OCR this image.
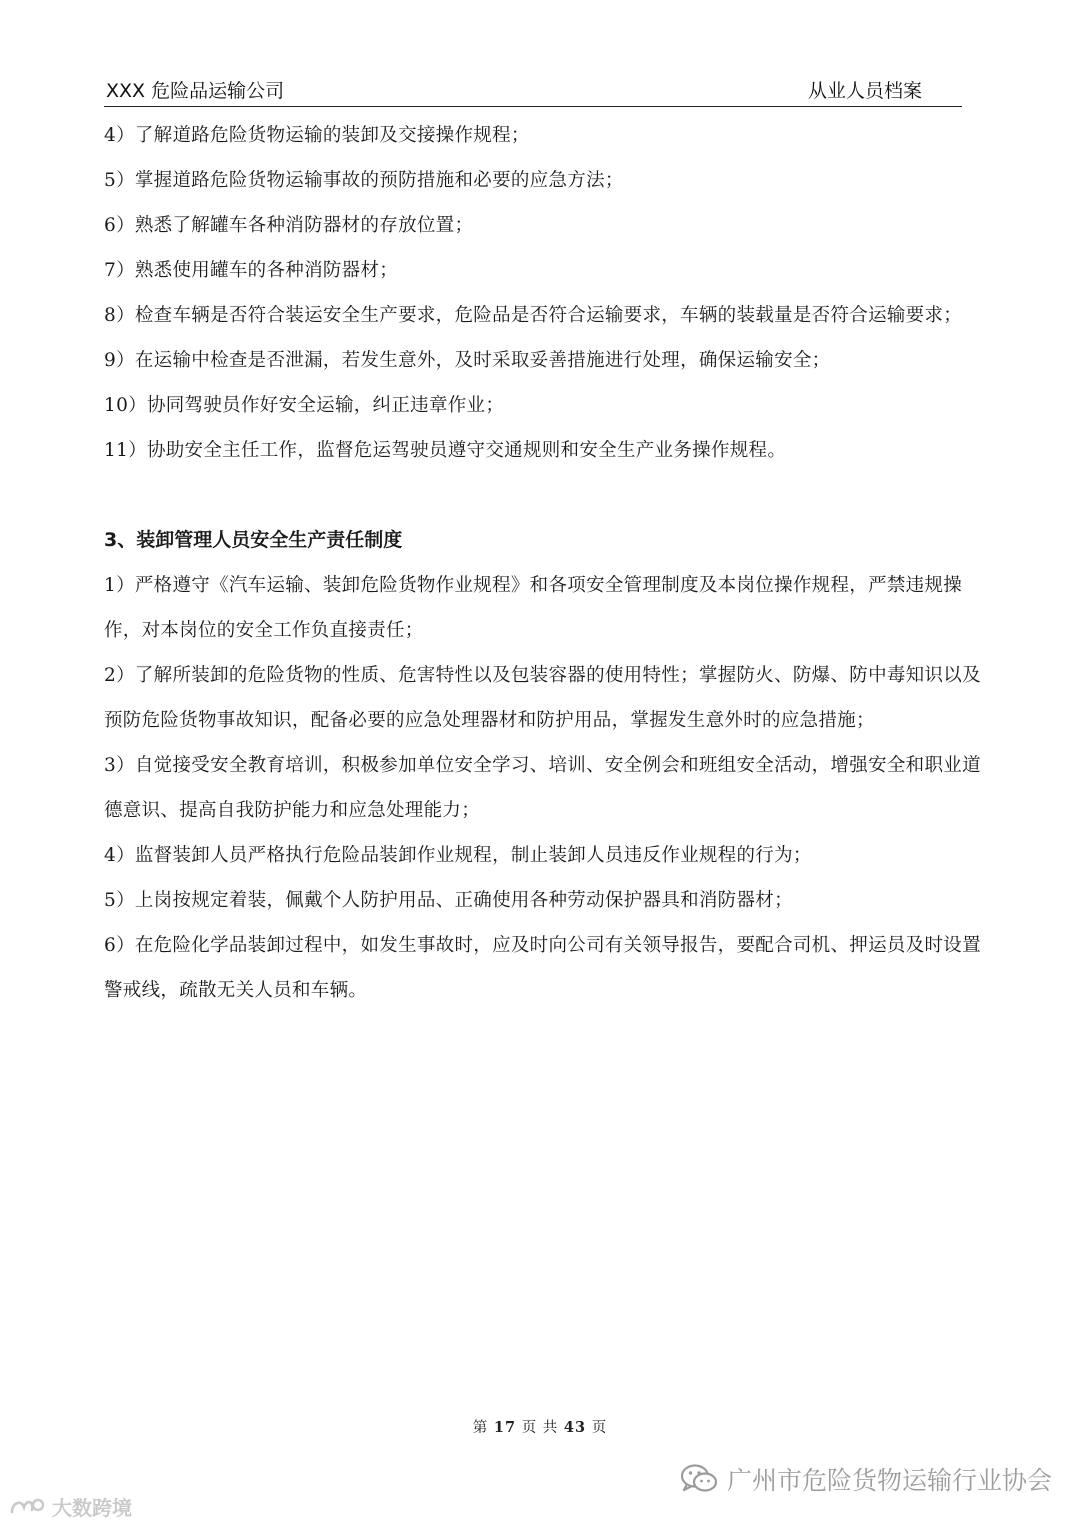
XXX 危险品运输公司	从业人员档案

4）了解道路危险货物运输的装卸及交接操作规程；

5）掌握道路危险货物运输事故的预防措施和必要的应急方法；

6）熟悉了解罐车各种消防器材的存放位置；

7）熟悉使用罐车的各种消防器材；

8）检查车辆是否符合装运安全生产要求，危险品是否符合运输要求，车辆的装载量是否符合运输要求；

9）在运输中检查是否泄漏，若发生意外，及时采取妥善措施进行处理，确保运输安全；

10）协同驾驶员作好安全运输，纠正违章作业；

11）协助安全主任工作，监督危运驾驶员遵守交通规则和安全生产业务操作规程。

3、装卸管理人员安全生产责任制度

1）严格遵守《汽车运输、装卸危险货物作业规程》和各项安全管理制度及本岗位操作规程，严禁违规操作，对本岗位的安全工作负直接责任；

2）了解所装卸的危险货物的性质、危害特性以及包装容器的使用特性；掌握防火、防爆、防中毒知识以及预防危险货物事故知识，配备必要的应急处理器材和防护用品，掌握发生意外时的应急措施；

3）自觉接受安全教育培训，积极参加单位安全学习、培训、安全例会和班组安全活动，增强安全和职业道德意识、提高自我防护能力和应急处理能力；

4）监督装卸人员严格执行危险品装卸作业规程，制止装卸人员违反作业规程的行为；

5）上岗按规定着装，佩戴个人防护用品、正确使用各种劳动保护器具和消防器材；

6）在危险化学品装卸过程中，如发生事故时，应及时向公司有关领导报告，要配合司机、押运员及时设置警戒线，疏散无关人员和车辆。

第 17 页 共 43 页
广州市危险货物运输行业协会
大数跨境
